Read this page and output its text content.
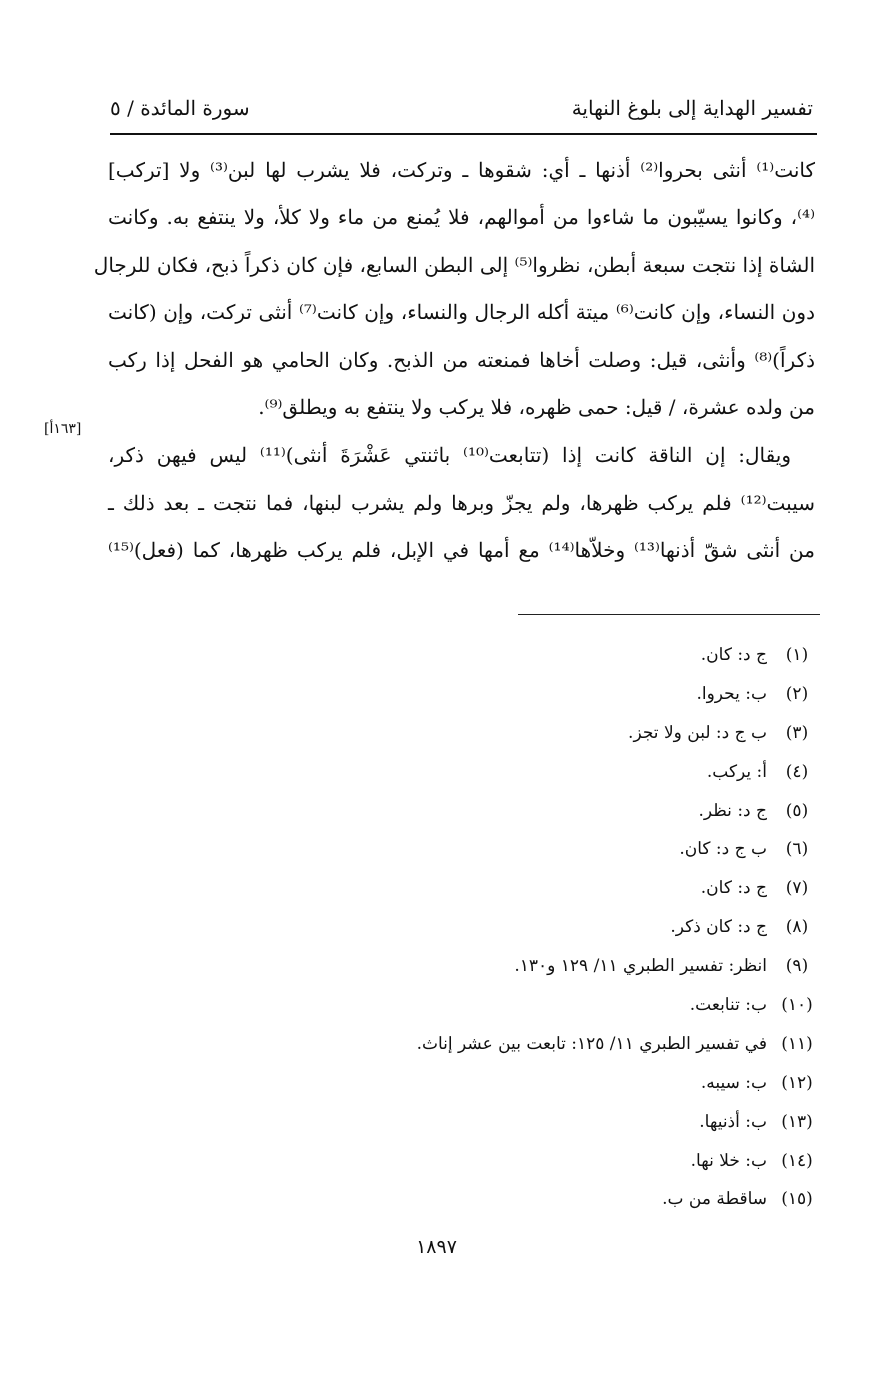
تفسير الهداية إلى بلوغ النهاية
سورة المائدة / ٥
[١٦٣أ]
كانت⁽¹⁾ أنثى بحروا⁽²⁾ أذنها ـ أي: شقوها ـ وتركت، فلا يشرب لها لبن⁽³⁾ ولا [تركب]
⁽⁴⁾، وكانوا يسيّبون ما شاءوا من أموالهم، فلا يُمنع من ماء ولا كلأ، ولا ينتفع به. وكانت
الشاة إذا نتجت سبعة أبطن، نظروا⁽⁵⁾ إلى البطن السابع، فإن كان ذكراً ذبح، فكان للرجال
دون النساء، وإن كانت⁽⁶⁾ ميتة أكله الرجال والنساء، وإن كانت⁽⁷⁾ أنثى تركت، وإن (كانت
ذكراً)⁽⁸⁾ وأنثى، قيل: وصلت أخاها فمنعته من الذبح. وكان الحامي هو الفحل إذا ركب
من ولده عشرة، / قيل: حمى ظهره، فلا يركب ولا ينتفع به ويطلق⁽⁹⁾.
ويقال: إن الناقة كانت إذا (تتابعت⁽¹⁰⁾ باثنتي عَشْرَةَ أنثى)⁽¹¹⁾ ليس فيهن ذكر،
سيبت⁽¹²⁾ فلم يركب ظهرها، ولم يجزّ وبرها ولم يشرب لبنها، فما نتجت ـ بعد ذلك ـ
من أنثى شقّ أذنها⁽¹³⁾ وخلاّها⁽¹⁴⁾ مع أمها في الإبل، فلم يركب ظهرها، كما (فعل)⁽¹⁵⁾
(١)ج د: كان.
(٢)ب: يحروا.
(٣)ب ج د: لبن ولا تجز.
(٤)أ: يركب.
(٥)ج د: نظر.
(٦)ب ج د: كان.
(٧)ج د: كان.
(٨)ج د: كان ذكر.
(٩)انظر: تفسير الطبري ١١/ ١٢٩ و١٣٠.
(١٠)ب: تنابعت.
(١١)في تفسير الطبري ١١/ ١٢٥: تابعت بين عشر إناث.
(١٢)ب: سيبه.
(١٣)ب: أذنيها.
(١٤)ب: خلا نها.
(١٥)ساقطة من ب.
١٨٩٧
